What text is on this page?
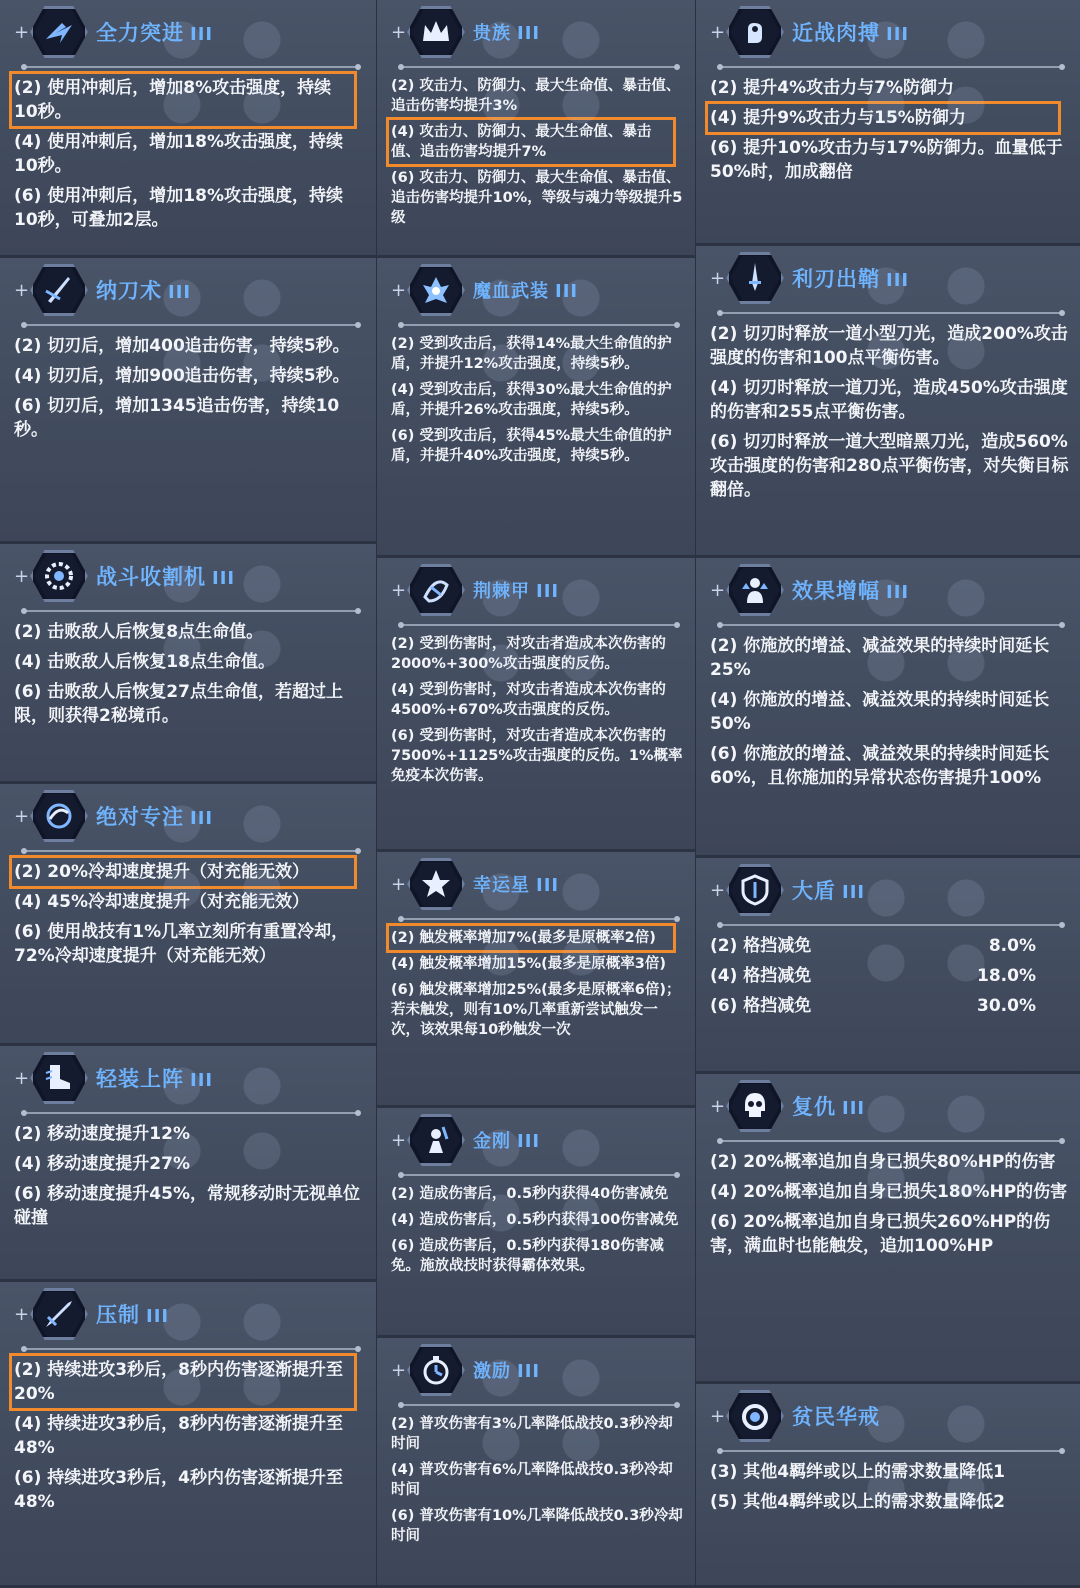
+	全力突进 III
(2) 使用冲刺后，增加8%攻击强度，持续10秒。
(4) 使用冲刺后，增加18%攻击强度，持续10秒。
(6) 使用冲刺后，增加18%攻击强度，持续10秒，可叠加2层。
+	纳刀术 III
(2) 切刃后，增加400追击伤害，持续5秒。
(4) 切刃后，增加900追击伤害，持续5秒。
(6) 切刃后，增加1345追击伤害，持续10秒。
+	战斗收割机 III
(2) 击败敌人后恢复8点生命值。
(4) 击败敌人后恢复18点生命值。
(6) 击败敌人后恢复27点生命值，若超过上限，则获得2秘境币。
+	绝对专注 III
(2) 20%冷却速度提升（对充能无效）
(4) 45%冷却速度提升（对充能无效）
(6) 使用战技有1%几率立刻所有重置冷却，72%冷却速度提升（对充能无效）
+	轻装上阵 III
(2) 移动速度提升12%
(4) 移动速度提升27%
(6) 移动速度提升45%，常规移动时无视单位碰撞
+	压制 III
(2) 持续进攻3秒后，8秒内伤害逐渐提升至20%
(4) 持续进攻3秒后，8秒内伤害逐渐提升至48%
(6) 持续进攻3秒后，4秒内伤害逐渐提升至48%
+	贵族 III
(2) 攻击力、防御力、最大生命值、暴击值、追击伤害均提升3%
(4) 攻击力、防御力、最大生命值、暴击值、追击伤害均提升7%
(6) 攻击力、防御力、最大生命值、暴击值、追击伤害均提升10%，等级与魂力等级提升5级
+	魔血武装 III
(2) 受到攻击后，获得14%最大生命值的护盾，并提升12%攻击强度，持续5秒。
(4) 受到攻击后，获得30%最大生命值的护盾，并提升26%攻击强度，持续5秒。
(6) 受到攻击后，获得45%最大生命值的护盾，并提升40%攻击强度，持续5秒。
+	荆棘甲 III
(2) 受到伤害时，对攻击者造成本次伤害的2000%+300%攻击强度的反伤。
(4) 受到伤害时，对攻击者造成本次伤害的4500%+670%攻击强度的反伤。
(6) 受到伤害时，对攻击者造成本次伤害的7500%+1125%攻击强度的反伤。1%概率免疫本次伤害。
+	幸运星 III
(2) 触发概率增加7%(最多是原概率2倍)
(4) 触发概率增加15%(最多是原概率3倍)
(6) 触发概率增加25%(最多是原概率6倍)；若未触发，则有10%几率重新尝试触发一次，该效果每10秒触发一次
+	金刚 III
(2) 造成伤害后，0.5秒内获得40伤害减免
(4) 造成伤害后，0.5秒内获得100伤害减免
(6) 造成伤害后，0.5秒内获得180伤害减免。施放战技时获得霸体效果。
+	激励 III
(2) 普攻伤害有3%几率降低战技0.3秒冷却时间
(4) 普攻伤害有6%几率降低战技0.3秒冷却时间
(6) 普攻伤害有10%几率降低战技0.3秒冷却时间
+	近战肉搏 III
(2) 提升4%攻击力与7%防御力
(4) 提升9%攻击力与15%防御力
(6) 提升10%攻击力与17%防御力。血量低于50%时，加成翻倍
+	利刃出鞘 III
(2) 切刃时释放一道小型刀光，造成200%攻击强度的伤害和100点平衡伤害。
(4) 切刃时释放一道刀光，造成450%攻击强度的伤害和255点平衡伤害。
(6) 切刃时释放一道大型暗黑刀光，造成560%攻击强度的伤害和280点平衡伤害，对失衡目标翻倍。
+	效果增幅 III
(2) 你施放的增益、减益效果的持续时间延长25%
(4) 你施放的增益、减益效果的持续时间延长50%
(6) 你施放的增益、减益效果的持续时间延长60%，且你施加的异常状态伤害提升100%
+	大盾 III
(2) 格挡减免	8.0%
(4) 格挡减免	18.0%
(6) 格挡减免	30.0%
+	复仇 III
(2) 20%概率追加自身已损失80%HP的伤害
(4) 20%概率追加自身已损失180%HP的伤害
(6) 20%概率追加自身已损失260%HP的伤害，满血时也能触发，追加100%HP
+	贫民华戒
(3) 其他4羁绊或以上的需求数量降低1
(5) 其他4羁绊或以上的需求数量降低2
